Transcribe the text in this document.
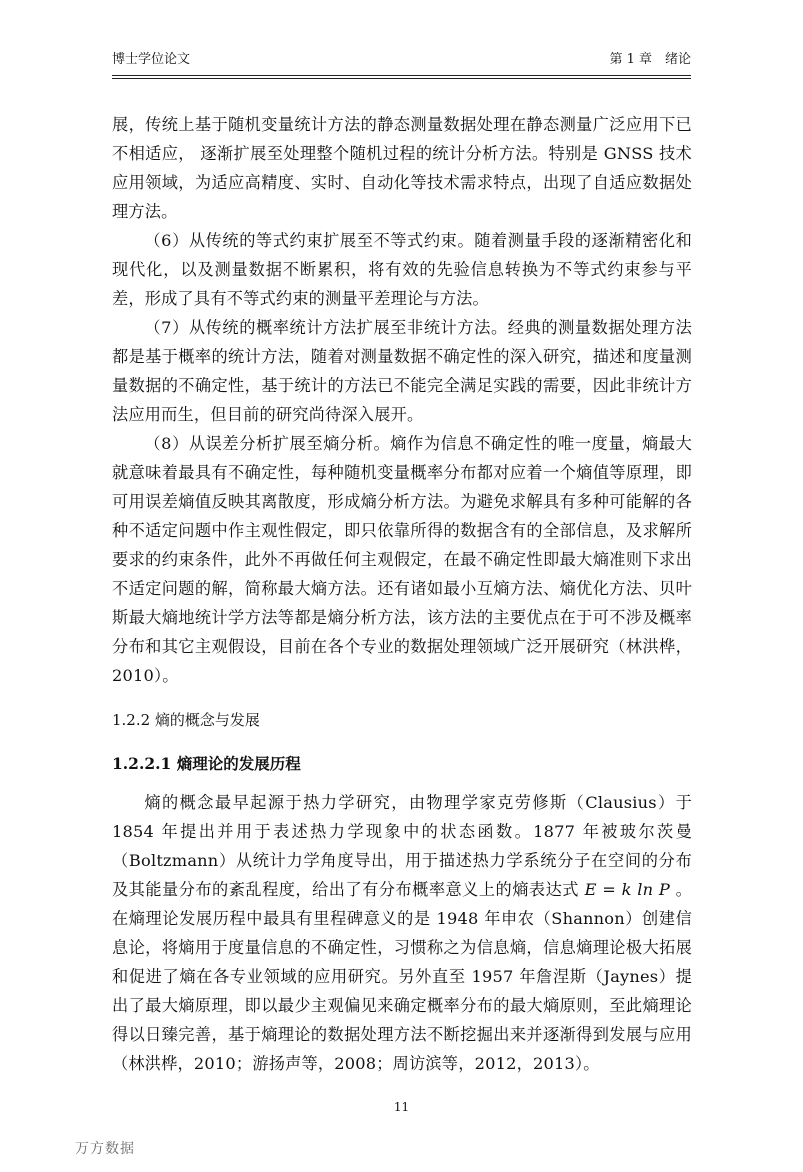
博士学位论文	第 1 章　绪论

展，传统上基于随机变量统计方法的静态测量数据处理在静态测量广泛应用下已不相适应， 逐渐扩展至处理整个随机过程的统计分析方法。特别是 GNSS 技术应用领域，为适应高精度、实时、自动化等技术需求特点，出现了自适应数据处理方法。

（6）从传统的等式约束扩展至不等式约束。随着测量手段的逐渐精密化和现代化，以及测量数据不断累积，将有效的先验信息转换为不等式约束参与平差，形成了具有不等式约束的测量平差理论与方法。

（7）从传统的概率统计方法扩展至非统计方法。经典的测量数据处理方法都是基于概率的统计方法，随着对测量数据不确定性的深入研究，描述和度量测量数据的不确定性，基于统计的方法已不能完全满足实践的需要，因此非统计方法应用而生，但目前的研究尚待深入展开。

（8）从误差分析扩展至熵分析。熵作为信息不确定性的唯一度量，熵最大就意味着最具有不确定性，每种随机变量概率分布都对应着一个熵值等原理，即可用误差熵值反映其离散度，形成熵分析方法。为避免求解具有多种可能解的各种不适定问题中作主观性假定，即只依靠所得的数据含有的全部信息，及求解所要求的约束条件，此外不再做任何主观假定，在最不确定性即最大熵准则下求出不适定问题的解，简称最大熵方法。还有诸如最小互熵方法、熵优化方法、贝叶斯最大熵地统计学方法等都是熵分析方法，该方法的主要优点在于可不涉及概率分布和其它主观假设，目前在各个专业的数据处理领域广泛开展研究（林洪桦，2010）。

1.2.2 熵的概念与发展
1.2.2.1 熵理论的发展历程

熵的概念最早起源于热力学研究，由物理学家克劳修斯（Clausius）于 1854 年提出并用于表述热力学现象中的状态函数。1877 年被玻尔茨曼（Boltzmann）从统计力学角度导出，用于描述热力学系统分子在空间的分布及其能量分布的紊乱程度，给出了有分布概率意义上的熵表达式 E = k ln P 。在熵理论发展历程中最具有里程碑意义的是 1948 年申农（Shannon）创建信息论，将熵用于度量信息的不确定性，习惯称之为信息熵，信息熵理论极大拓展和促进了熵在各专业领域的应用研究。另外直至 1957 年詹涅斯（Jaynes）提出了最大熵原理，即以最少主观偏见来确定概率分布的最大熵原则，至此熵理论得以日臻完善，基于熵理论的数据处理方法不断挖掘出来并逐渐得到发展与应用（林洪桦，2010；游扬声等，2008；周访滨等，2012，2013）。

11
万方数据
